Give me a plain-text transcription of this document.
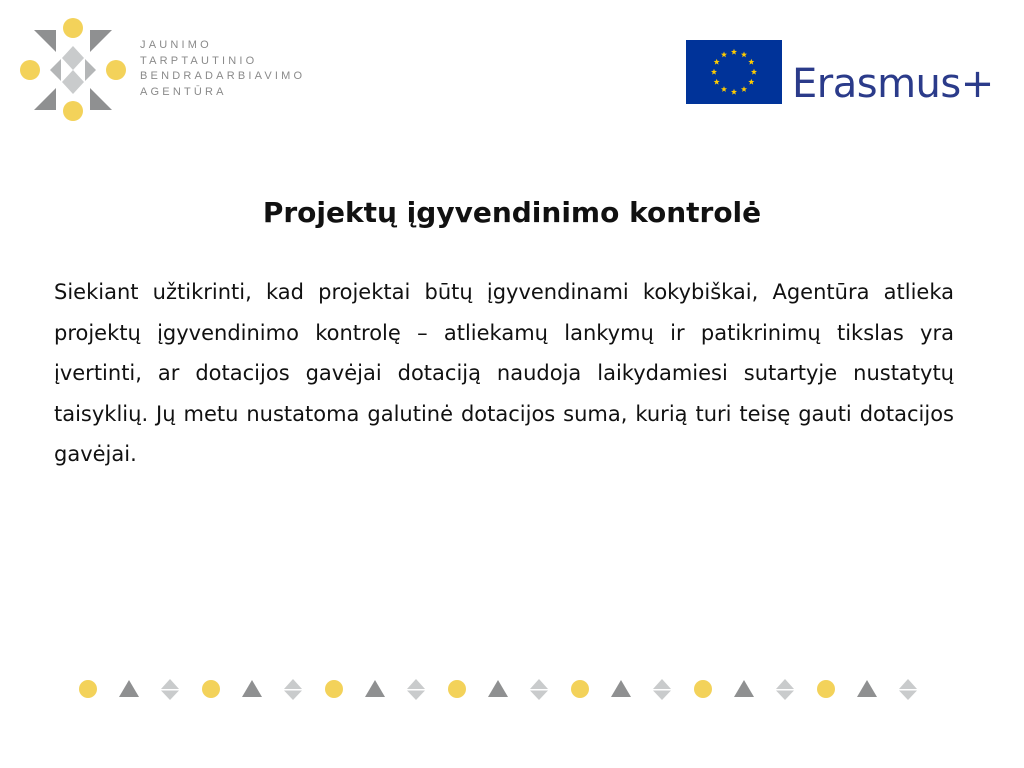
JAUNIMO
TARPTAUTINIO
BENDRADARBIAVIMO
AGENTŪRA	Erasmus+
Projektų įgyvendinimo kontrolė

Siekiant užtikrinti, kad projektai būtų įgyvendinami kokybiškai, Agentūra atlieka projektų įgyvendinimo kontrolę – atliekamų lankymų ir patikrinimų tikslas yra įvertinti, ar dotacijos gavėjai dotaciją naudoja laikydamiesi sutartyje nustatytų taisyklių. Jų metu nustatoma galutinė dotacijos suma, kurią turi teisę gauti dotacijos gavėjai.
